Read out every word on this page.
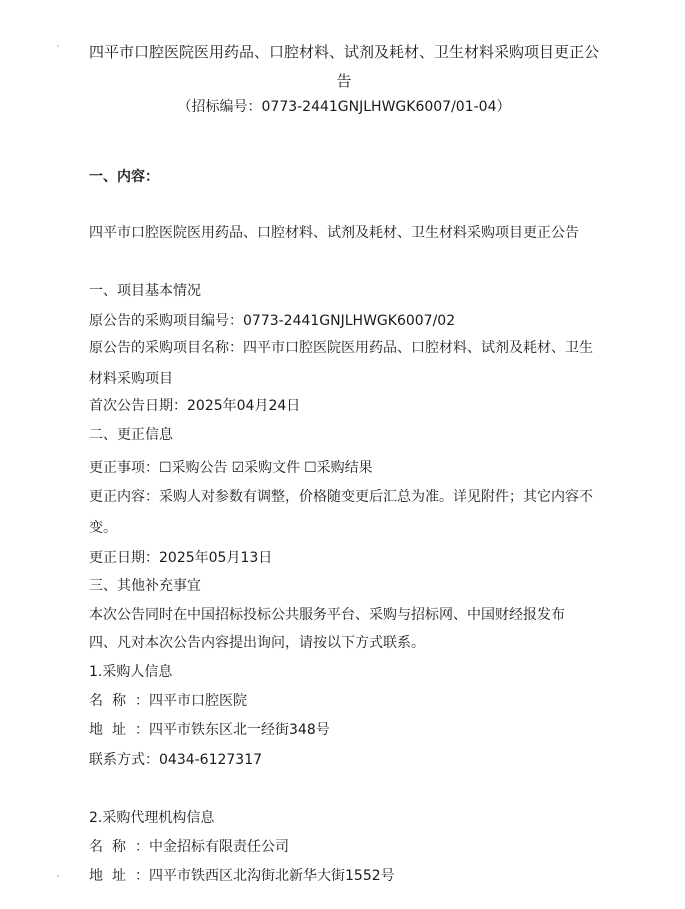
四平市口腔医院医用药品、口腔材料、试剂及耗材、卫生材料采购项目更正公告
（招标编号：0773-2441GNJLHWGK6007/01-04）
一、内容：
四平市口腔医院医用药品、口腔材料、试剂及耗材、卫生材料采购项目更正公告
一、项目基本情况
原公告的采购项目编号：0773-2441GNJLHWGK6007/02
原公告的采购项目名称：四平市口腔医院医用药品、口腔材料、试剂及耗材、卫生材料采购项目
首次公告日期：2025年04月24日
二、更正信息
更正事项：☐采购公告 ☑采购文件 ☐采购结果
更正内容：采购人对参数有调整，价格随变更后汇总为准。详见附件；其它内容不变。
更正日期：2025年05月13日
三、其他补充事宜
本次公告同时在中国招标投标公共服务平台、采购与招标网、中国财经报发布
四、凡对本次公告内容提出询问，请按以下方式联系。
1.采购人信息
名称：四平市口腔医院
地址：四平市铁东区北一经街348号
联系方式：0434-6127317
2.采购代理机构信息
名称：中金招标有限责任公司
地址：四平市铁西区北沟街北新华大街1552号
